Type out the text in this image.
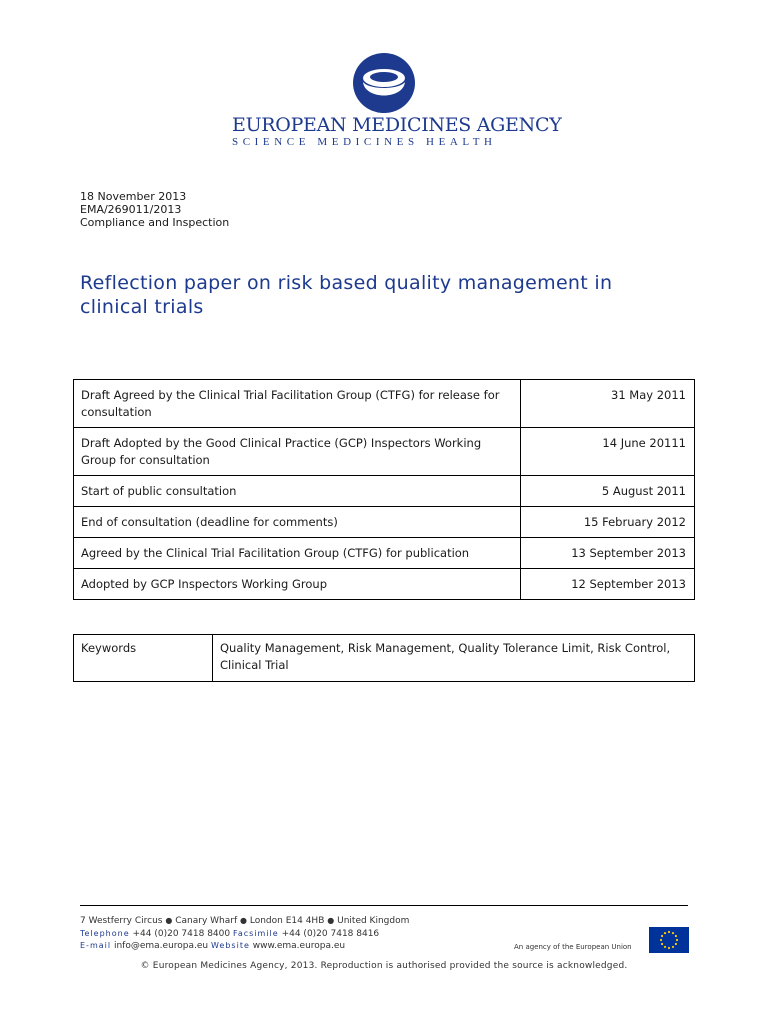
EUROPEAN MEDICINES AGENCY
SCIENCE MEDICINES HEALTH
18 November 2013
EMA/269011/2013
Compliance and Inspection
Reflection paper on risk based quality management in clinical trials
Draft Agreed by the Clinical Trial Facilitation Group (CTFG) for release for consultation	31 May 2011
Draft Adopted by the Good Clinical Practice (GCP) Inspectors Working Group for consultation	14 June 20111
Start of public consultation	5 August 2011
End of consultation (deadline for comments)	15 February 2012
Agreed by the Clinical Trial Facilitation Group (CTFG) for publication	13 September 2013
Adopted by GCP Inspectors Working Group	12 September 2013
Keywords	Quality Management, Risk Management, Quality Tolerance Limit, Risk Control, Clinical Trial
7 Westferry Circus ● Canary Wharf ● London E14 4HB ● United Kingdom
Telephone +44 (0)20 7418 8400 Facsimile +44 (0)20 7418 8416
E-mail info@ema.europa.eu Website www.ema.europa.eu	An agency of the European Union
© European Medicines Agency, 2013. Reproduction is authorised provided the source is acknowledged.
